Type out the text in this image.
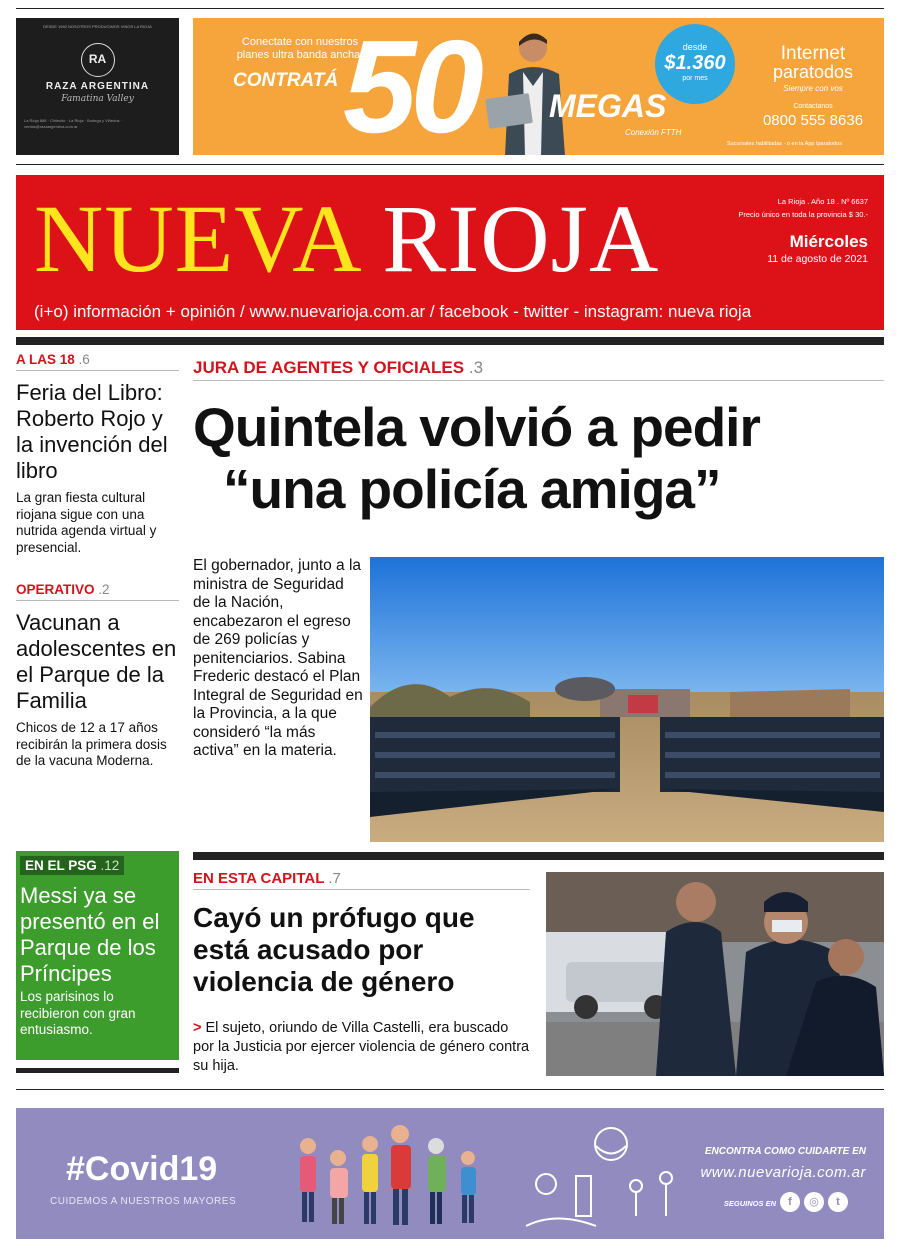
DESDE 1992 NOSOTROS PRODUCIMOS VINOS LA RIOJA
RA
RAZA ARGENTINA
Famatina Valley
La Rioja 888 · Chilecito · La Rioja · Bodega y Viñedos · ventas@razaargentina.com.ar
Conectate con nuestros planes ultra banda ancha!
CONTRATÁ 50 MEGAS
Conexión FTTH
desde
$1.360
por mes
Internet
paratodos
Siempre con vos
Contactanos
0800 555 8636
Sucursales habilitadas · o en la App Iparatodos
NUEVA RIOJA	La Rioja . Año 18 . Nº 6637
Precio único en toda la provincia $ 30.-
Miércoles
11 de agosto de 2021
(i+o) información + opinión / www.nuevarioja.com.ar / facebook - twitter - instagram: nueva rioja
A LAS 18 .6
Feria del Libro: Roberto Rojo y la invención del libro
La gran fiesta cultural riojana sigue con una nutrida agenda virtual y presencial.
OPERATIVO .2
Vacunan a adolescentes en el Parque de la Familia
Chicos de 12 a 17 años recibirán la primera dosis de la vacuna Moderna.
EN EL PSG .12
Messi ya se presentó en el Parque de los Príncipes
Los parisinos lo recibieron con gran entusiasmo.
JURA DE AGENTES Y OFICIALES .3
Quintela volvió a pedir
“una policía amiga”
El gobernador, junto a la ministra de Seguridad de la Nación, encabezaron el egreso de 269 policías y penitenciarios. Sabina Frederic destacó el Plan Integral de Seguridad en la Provincia, a la que consideró “la más activa” en la materia.
EN ESTA CAPITAL .7
Cayó un prófugo que está acusado por violencia de género
> El sujeto, oriundo de Villa Castelli, era buscado por la Justicia por ejercer violencia de género contra su hija.
#Covid19
CUIDEMOS A NUESTROS MAYORES
ENCONTRA COMO CUIDARTE EN
www.nuevarioja.com.ar
SEGUINOS EN	f	◎	t
